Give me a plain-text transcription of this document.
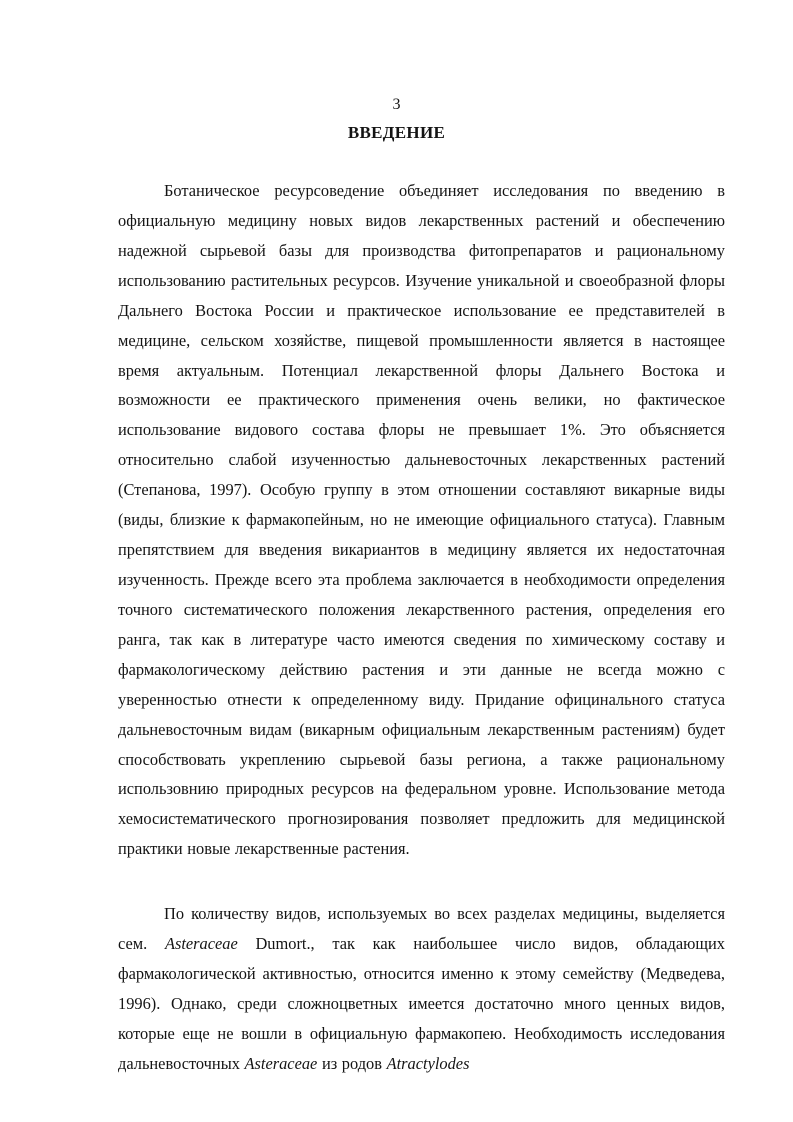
3
ВВЕДЕНИЕ

Ботаническое ресурсоведение объединяет исследования по введению в официальную медицину новых видов лекарственных растений и обеспечению надежной сырьевой базы для производства фитопрепаратов и рациональному использованию растительных ресурсов. Изучение уникальной и своеобразной флоры Дальнего Востока России и практическое использование ее представителей в медицине, сельском хозяйстве, пищевой промышленности является в настоящее время актуальным. Потенциал лекарственной флоры Дальнего Востока и возможности ее практического применения очень велики, но фактическое использование видового состава флоры не превышает 1%. Это объясняется относительно слабой изученностью дальневосточных лекарственных растений (Степанова, 1997). Особую группу в этом отношении составляют викарные виды (виды, близкие к фармакопейным, но не имеющие официального статуса). Главным препятствием для введения викариантов в медицину является их недостаточная изученность. Прежде всего эта проблема заключается в необходимости определения точного систематического положения лекарственного растения, определения его ранга, так как в литературе часто имеются сведения по химическому составу и фармакологическому действию растения и эти данные не всегда можно с уверенностью отнести к определенному виду. Придание официнального статуса дальневосточным видам (викарным официальным лекарственным растениям) будет способствовать укреплению сырьевой базы региона, а также рациональному использовнию природных ресурсов на федеральном уровне. Использование метода хемосистематического прогнозирования позволяет предложить для медицинской практики новые лекарственные растения.

По количеству видов, используемых во всех разделах медицины, выделяется сем. Asteraceae Dumort., так как наибольшее число видов, обладающих фармакологической активностью, относится именно к этому семейству (Медведева, 1996). Однако, среди сложноцветных имеется достаточно много ценных видов, которые еще не вошли в официальную фармакопею. Необходимость исследования дальневосточных Asteraceae из родов Atractylodes
